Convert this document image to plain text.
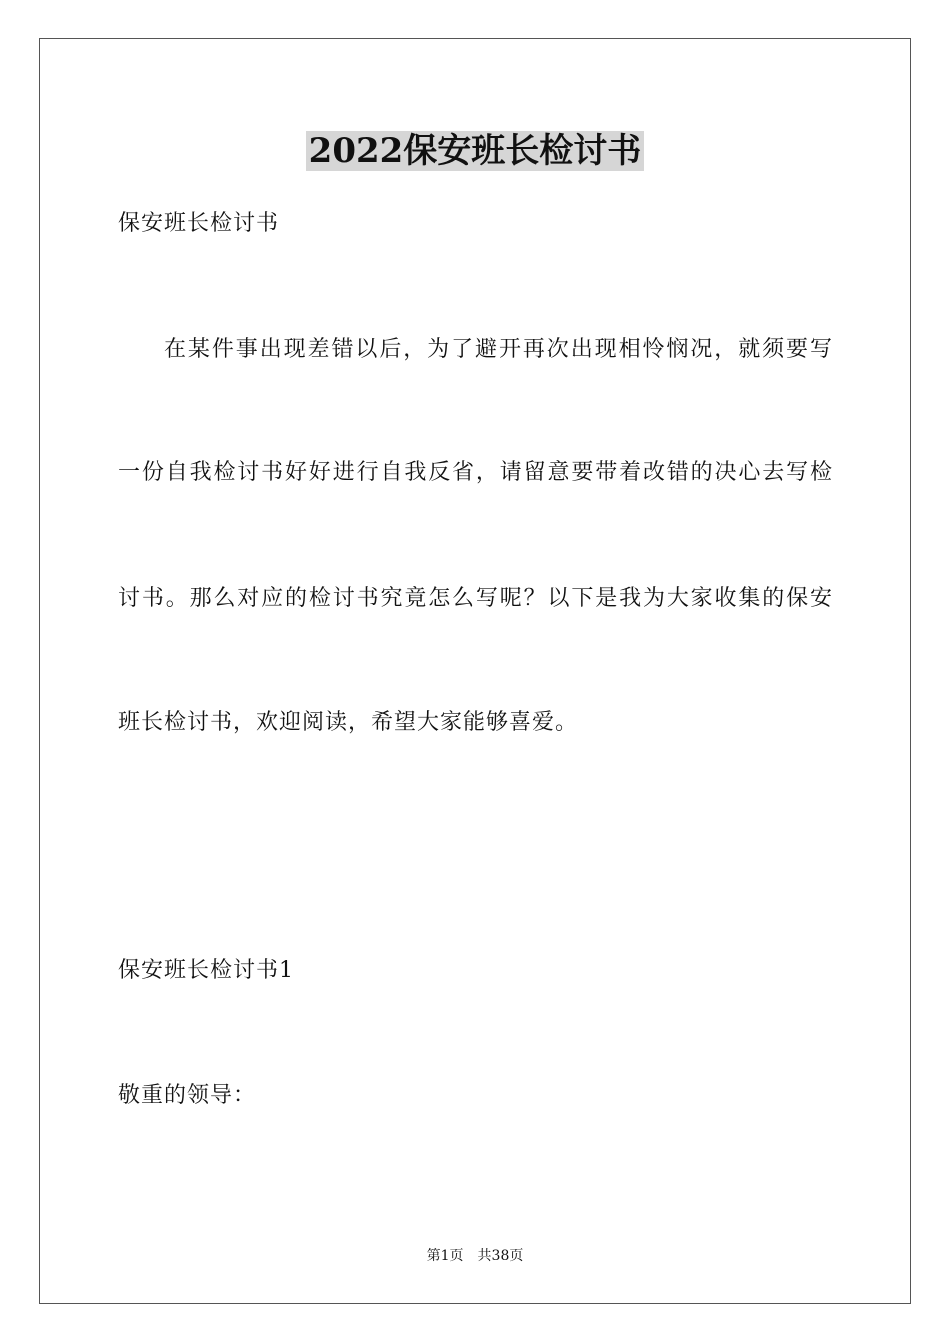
2022保安班长检讨书
保安班长检讨书
在某件事出现差错以后，为了避开再次出现相怜悯况，就须要写
一份自我检讨书好好进行自我反省，请留意要带着改错的决心去写检
讨书。那么对应的检讨书究竟怎么写呢？以下是我为大家收集的保安
班长检讨书，欢迎阅读，希望大家能够喜爱。
保安班长检讨书1
敬重的领导：
第1页 共38页
